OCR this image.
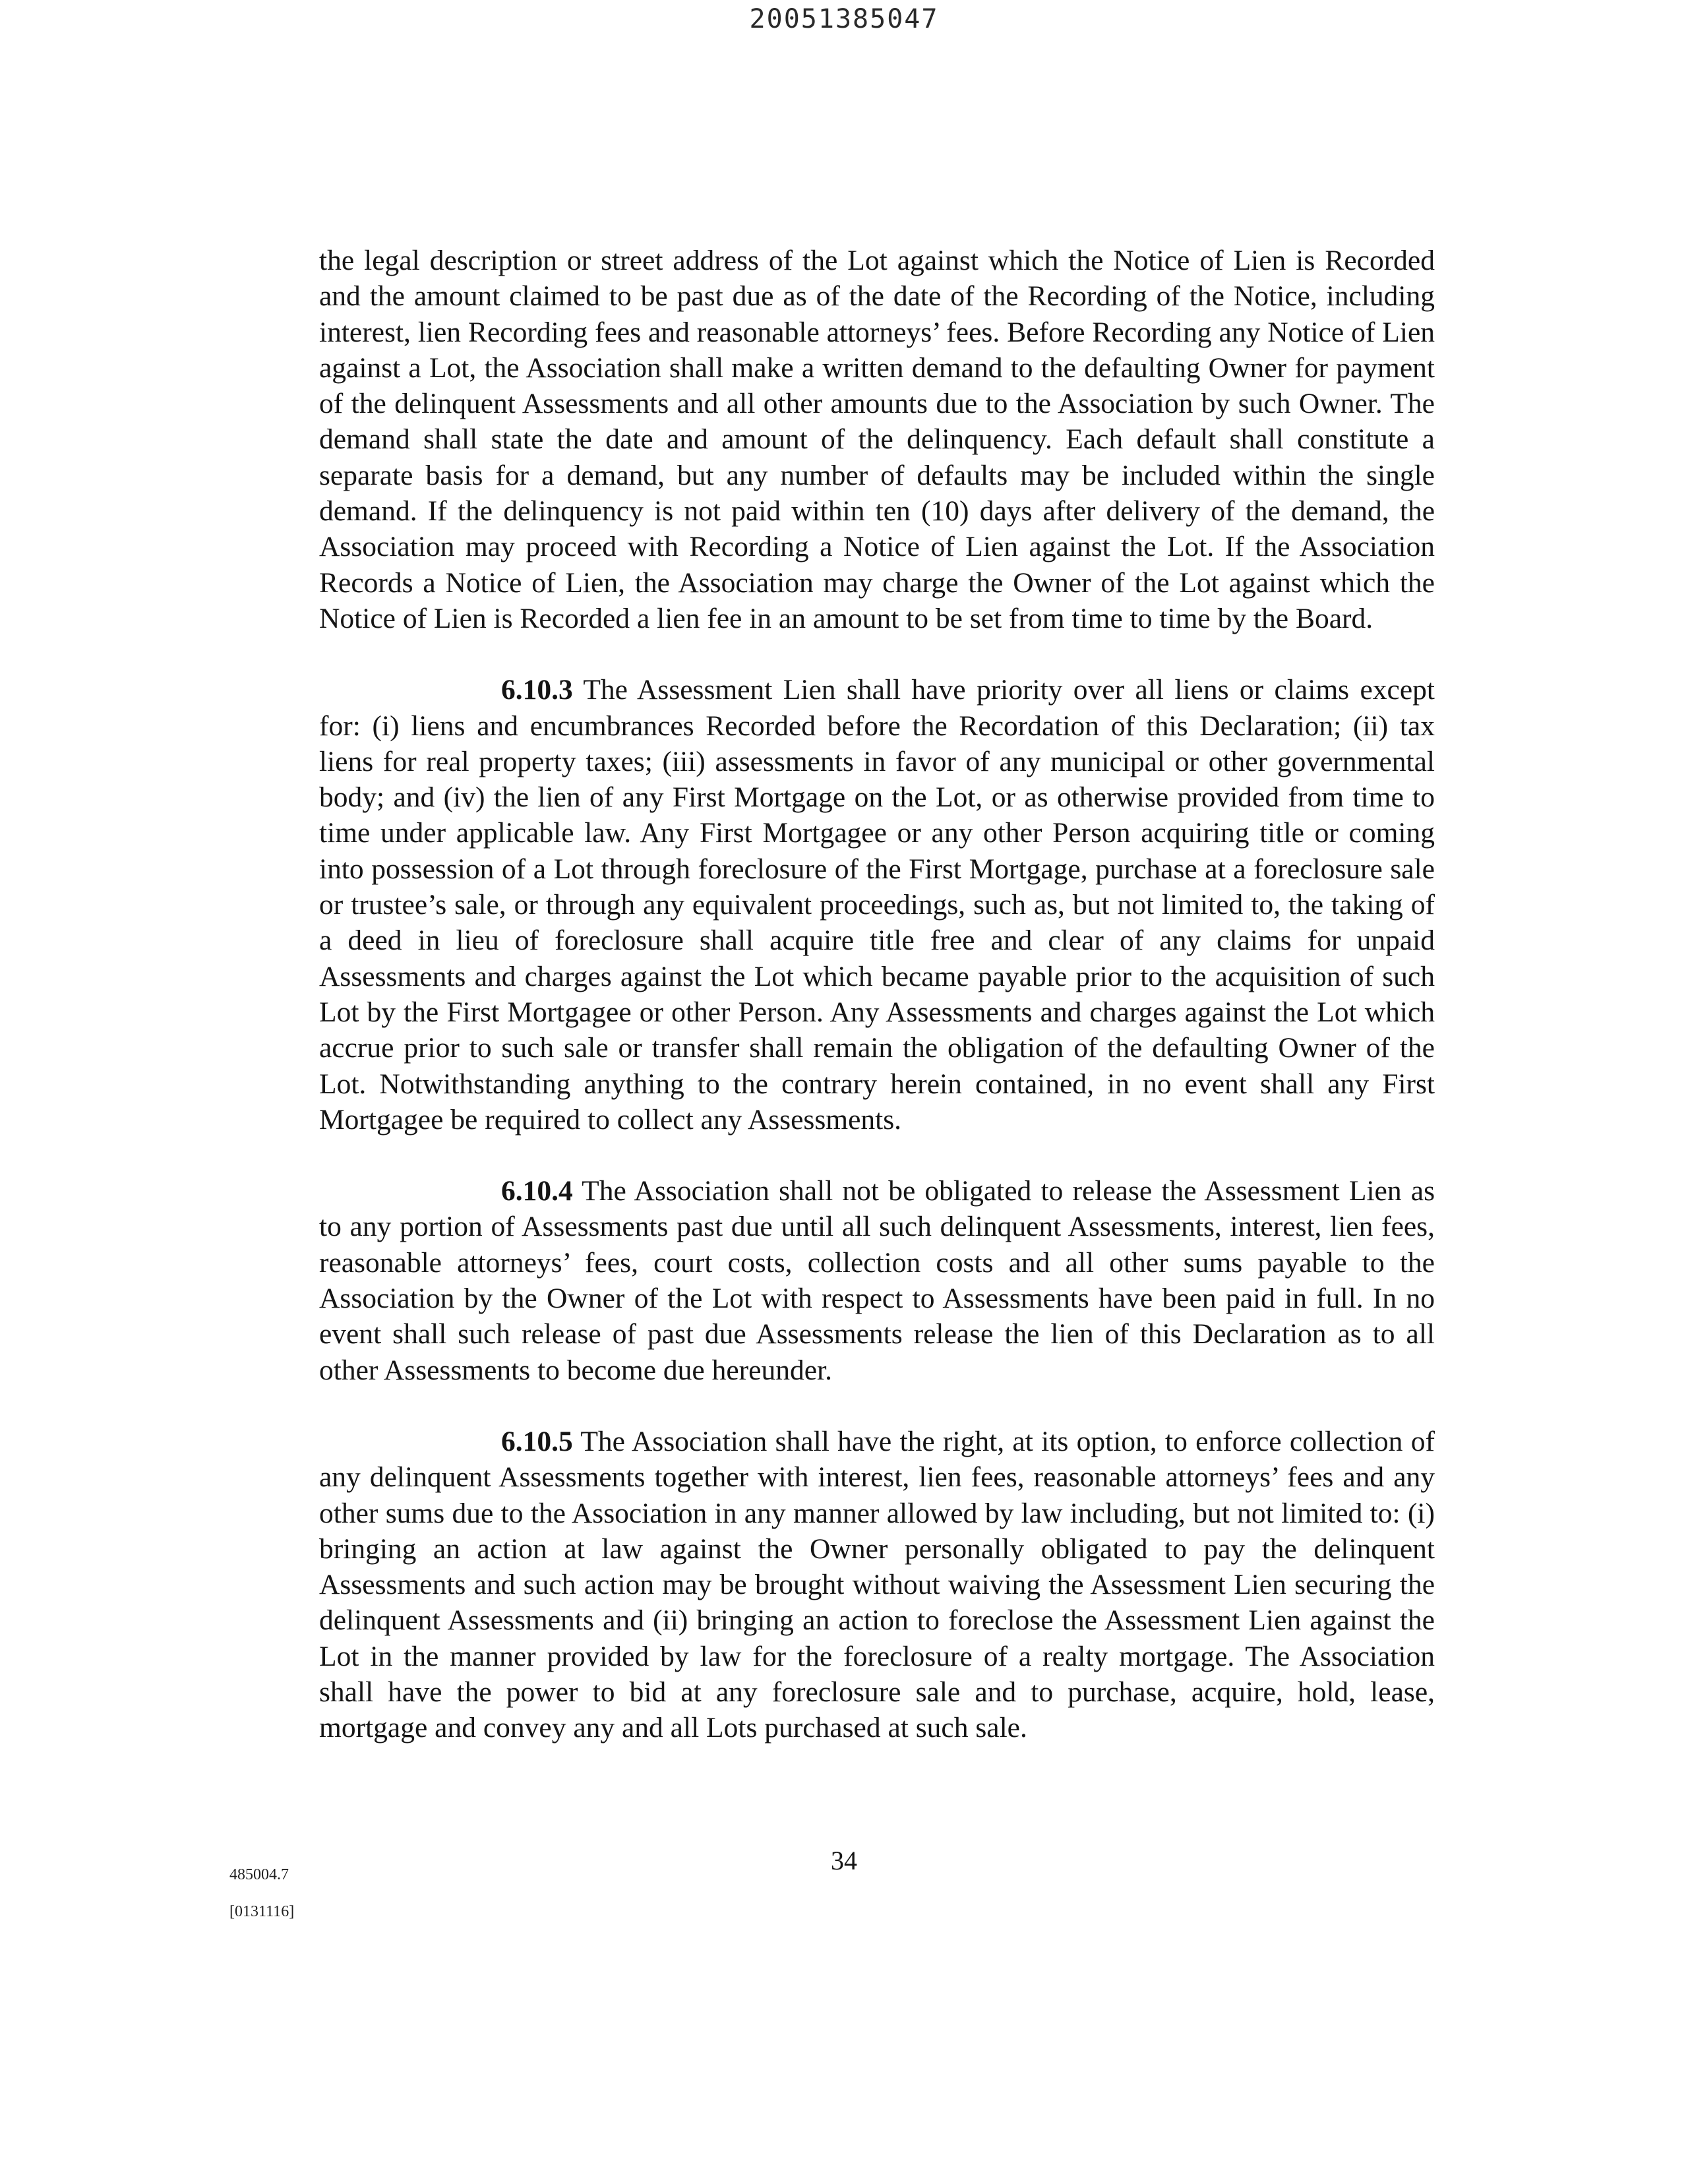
20051385047

the legal description or street address of the Lot against which the Notice of Lien is Recorded and the amount claimed to be past due as of the date of the Recording of the Notice, including interest, lien Recording fees and reasonable attorneys’ fees. Before Recording any Notice of Lien against a Lot, the Association shall make a written demand to the defaulting Owner for payment of the delinquent Assessments and all other amounts due to the Association by such Owner. The demand shall state the date and amount of the delinquency. Each default shall constitute a separate basis for a demand, but any number of defaults may be included within the single demand. If the delinquency is not paid within ten (10) days after delivery of the demand, the Association may proceed with Recording a Notice of Lien against the Lot. If the Association Records a Notice of Lien, the Association may charge the Owner of the Lot against which the Notice of Lien is Recorded a lien fee in an amount to be set from time to time by the Board.

6.10.3 The Assessment Lien shall have priority over all liens or claims except for: (i) liens and encumbrances Recorded before the Recordation of this Declaration; (ii) tax liens for real property taxes; (iii) assessments in favor of any municipal or other governmental body; and (iv) the lien of any First Mortgage on the Lot, or as otherwise provided from time to time under applicable law. Any First Mortgagee or any other Person acquiring title or coming into possession of a Lot through foreclosure of the First Mortgage, purchase at a foreclosure sale or trustee’s sale, or through any equivalent proceedings, such as, but not limited to, the taking of a deed in lieu of foreclosure shall acquire title free and clear of any claims for unpaid Assessments and charges against the Lot which became payable prior to the acquisition of such Lot by the First Mortgagee or other Person. Any Assessments and charges against the Lot which accrue prior to such sale or transfer shall remain the obligation of the defaulting Owner of the Lot. Notwithstanding anything to the contrary herein contained, in no event shall any First Mortgagee be required to collect any Assessments.

6.10.4 The Association shall not be obligated to release the Assessment Lien as to any portion of Assessments past due until all such delinquent Assessments, interest, lien fees, reasonable attorneys’ fees, court costs, collection costs and all other sums payable to the Association by the Owner of the Lot with respect to Assessments have been paid in full. In no event shall such release of past due Assessments release the lien of this Declaration as to all other Assessments to become due hereunder.

6.10.5 The Association shall have the right, at its option, to enforce collection of any delinquent Assessments together with interest, lien fees, reasonable attorneys’ fees and any other sums due to the Association in any manner allowed by law including, but not limited to: (i) bringing an action at law against the Owner personally obligated to pay the delinquent Assessments and such action may be brought without waiving the Assessment Lien securing the delinquent Assessments and (ii) bringing an action to foreclose the Assessment Lien against the Lot in the manner provided by law for the foreclosure of a realty mortgage. The Association shall have the power to bid at any foreclosure sale and to purchase, acquire, hold, lease, mortgage and convey any and all Lots purchased at such sale.

34
485004.7
[0131116]
